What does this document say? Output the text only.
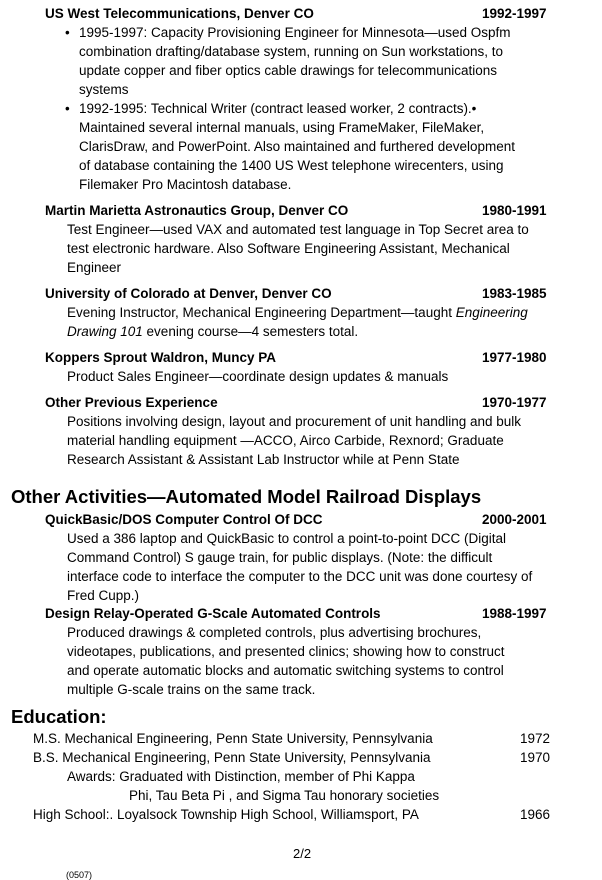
US West Telecommunications, Denver CO	1992-1997
• 1995-1997: Capacity Provisioning Engineer for Minnesota—used Ospfm
combination drafting/database system, running on Sun workstations, to
update copper and fiber optics cable drawings for telecommunications
systems
• 1992-1995: Technical Writer (contract leased worker, 2 contracts).•
Maintained several internal manuals, using FrameMaker, FileMaker,
ClarisDraw, and PowerPoint. Also maintained and furthered development
of database containing the 1400 US West telephone wirecenters, using
Filemaker Pro Macintosh database.
Martin Marietta Astronautics Group, Denver CO	1980-1991
Test Engineer—used VAX and automated test language in Top Secret area to
test electronic hardware. Also Software Engineering Assistant, Mechanical
Engineer
University of Colorado at Denver, Denver CO	1983-1985
Evening Instructor, Mechanical Engineering Department—taught Engineering
Drawing 101 evening course—4 semesters total.
Koppers Sprout Waldron, Muncy PA	1977-1980
Product Sales Engineer—coordinate design updates & manuals
Other Previous Experience	1970-1977
Positions involving design, layout and procurement of unit handling and bulk
material handling equipment —ACCO, Airco Carbide, Rexnord; Graduate
Research Assistant & Assistant Lab Instructor while at Penn State
Other Activities—Automated Model Railroad Displays
QuickBasic/DOS Computer Control Of DCC	2000-2001
Used a 386 laptop and QuickBasic to control a point-to-point DCC (Digital
Command Control) S gauge train, for public displays. (Note: the difficult
interface code to interface the computer to the DCC unit was done courtesy of
Fred Cupp.)
Design Relay-Operated G-Scale Automated Controls	1988-1997
Produced drawings & completed controls, plus advertising brochures,
videotapes, publications, and presented clinics; showing how to construct
and operate automatic blocks and automatic switching systems to control
multiple G-scale trains on the same track.
Education:
M.S. Mechanical Engineering, Penn State University, Pennsylvania	1972
B.S. Mechanical Engineering, Penn State University, Pennsylvania	1970
Awards: Graduated with Distinction, member of Phi Kappa
Phi, Tau Beta Pi , and Sigma Tau honorary societies
High School:. Loyalsock Township High School, Williamsport, PA	1966
2/2
(0507)
